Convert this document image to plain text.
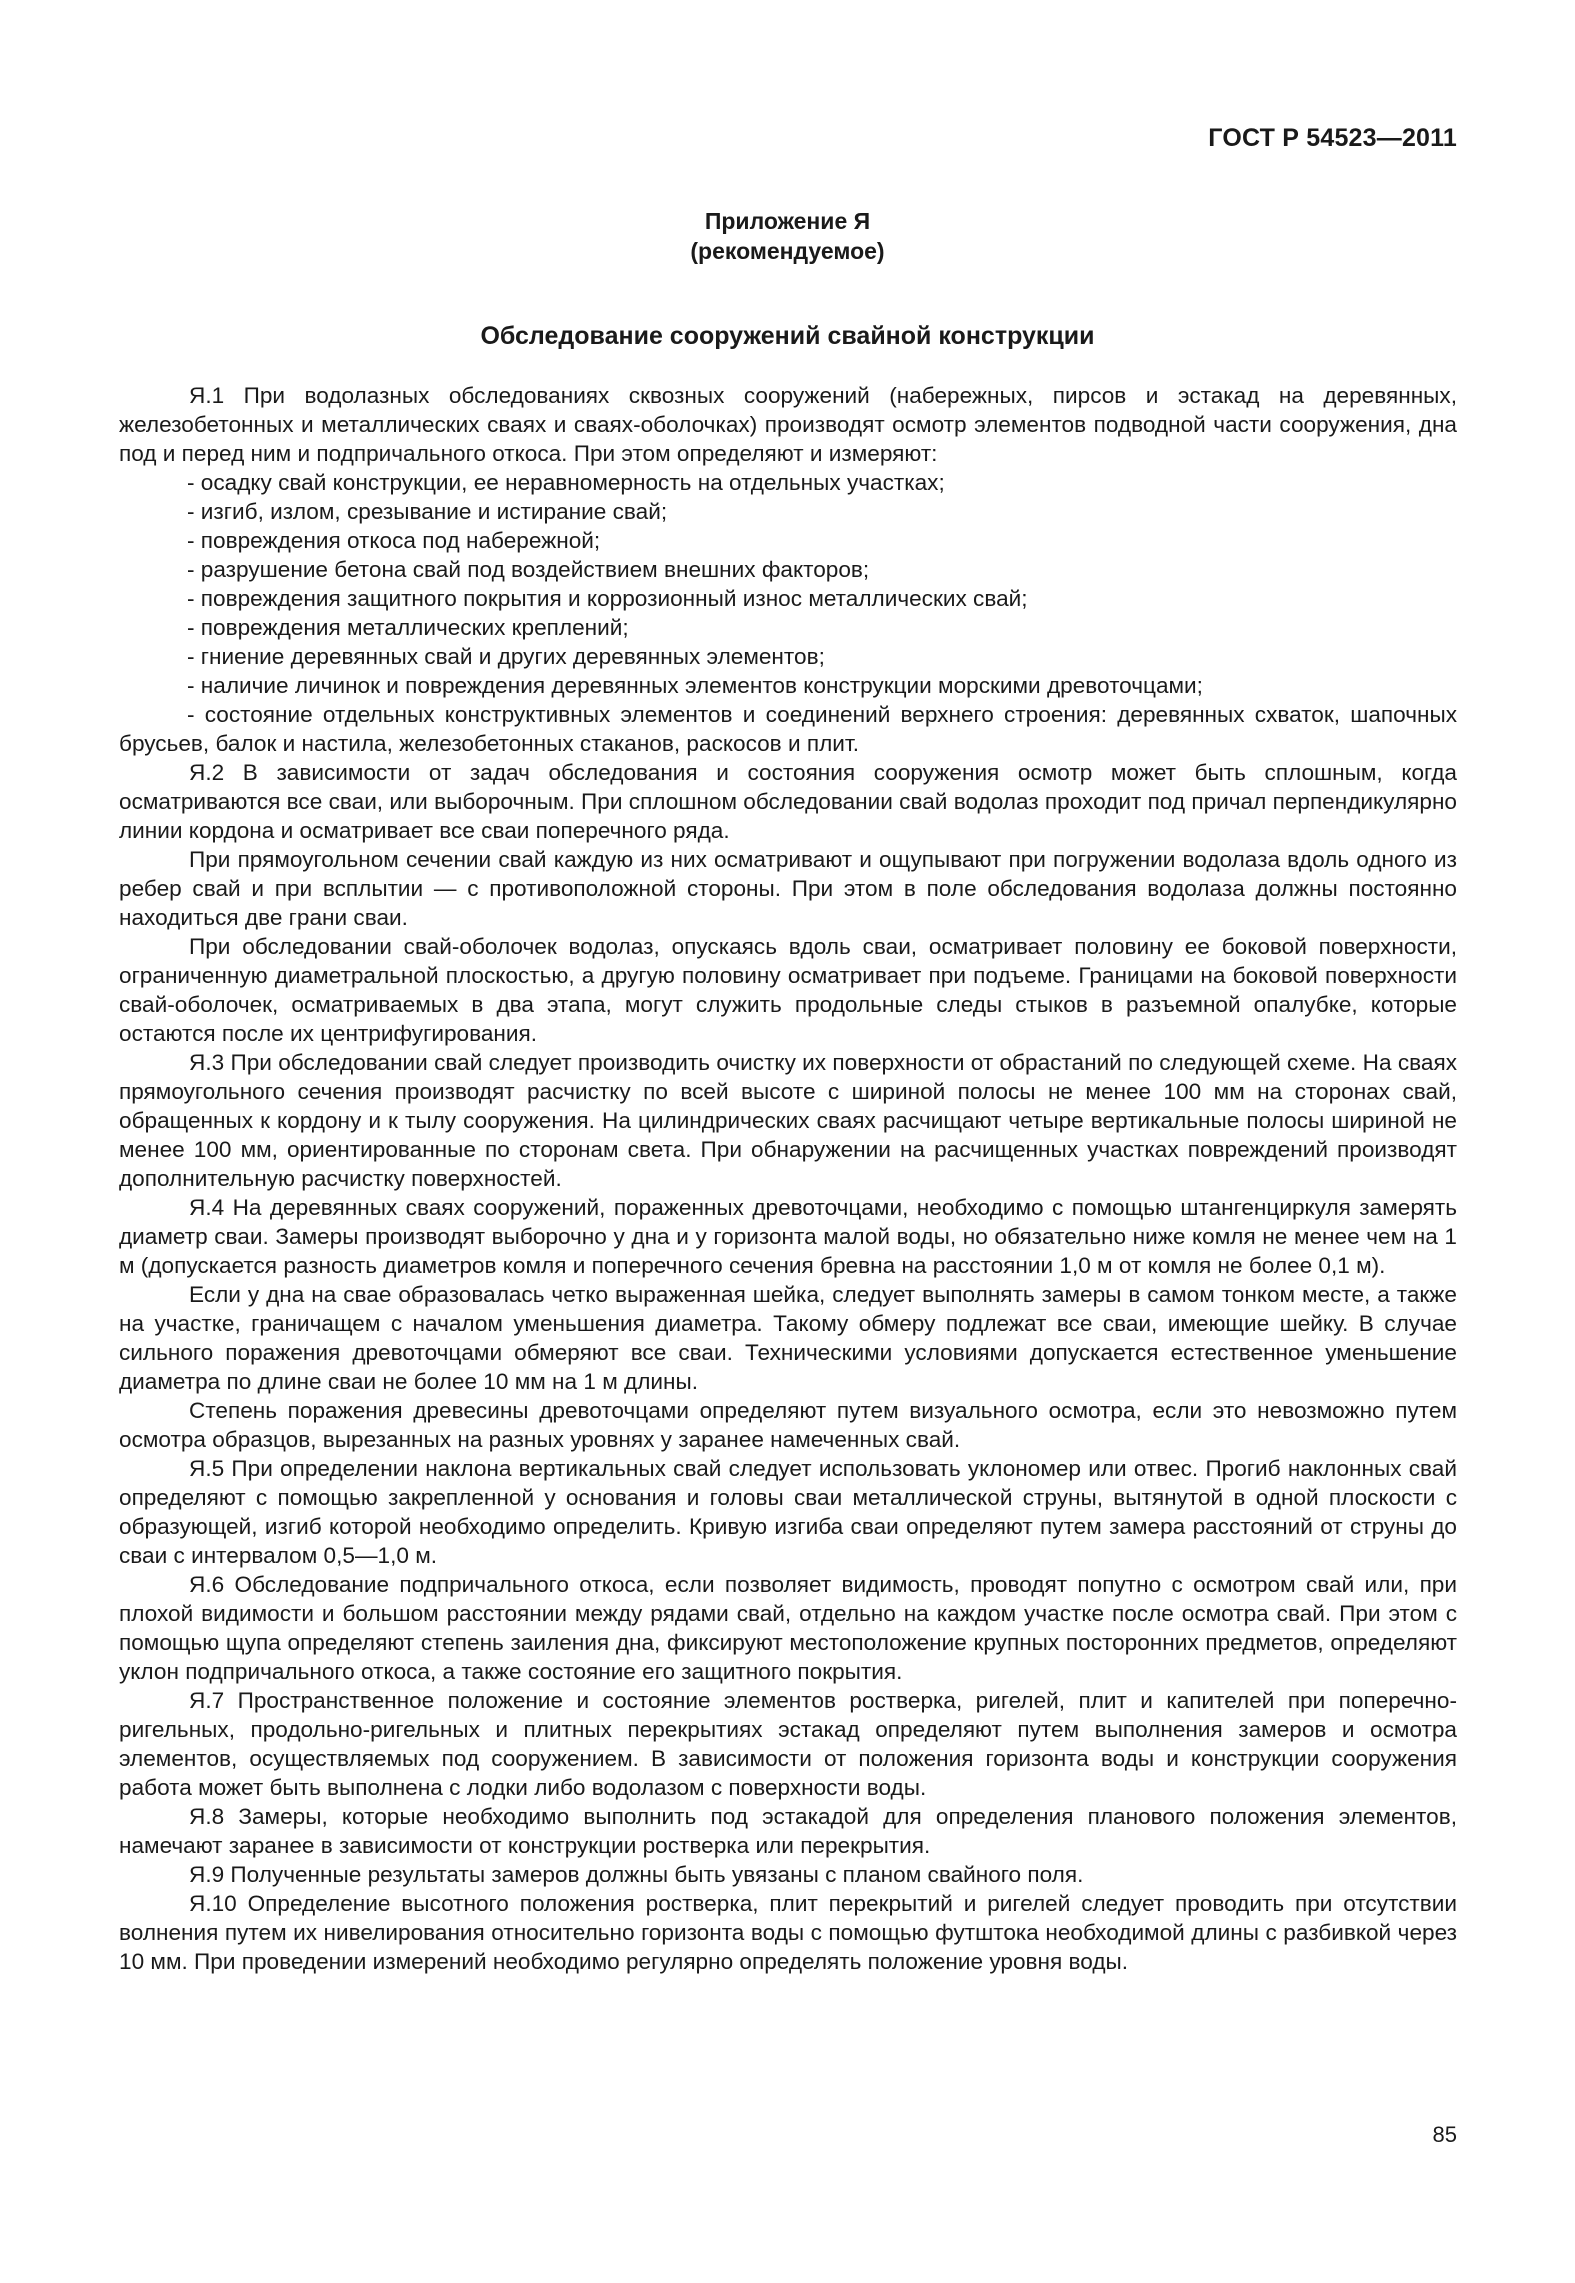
ГОСТ Р 54523—2011
Приложение Я
(рекомендуемое)
Обследование сооружений свайной конструкции

Я.1 При водолазных обследованиях сквозных сооружений (набережных, пирсов и эстакад на деревянных, железобетонных и металлических сваях и сваях-оболочках) производят осмотр элементов подводной части сооружения, дна под и перед ним и подпричального откоса. При этом определяют и измеряют:

- осадку свай конструкции, ее неравномерность на отдельных участках;

- изгиб, излом, срезывание и истирание свай;

- повреждения откоса под набережной;

- разрушение бетона свай под воздействием внешних факторов;

- повреждения защитного покрытия и коррозионный износ металлических свай;

- повреждения металлических креплений;

- гниение деревянных свай и других деревянных элементов;

- наличие личинок и повреждения деревянных элементов конструкции морскими древоточцами;

- состояние отдельных конструктивных элементов и соединений верхнего строения: деревянных схваток, шапочных брусьев, балок и настила, железобетонных стаканов, раскосов и плит.

Я.2 В зависимости от задач обследования и состояния сооружения осмотр может быть сплошным, когда осматриваются все сваи, или выборочным. При сплошном обследовании свай водолаз проходит под причал перпендикулярно линии кордона и осматривает все сваи поперечного ряда.

При прямоугольном сечении свай каждую из них осматривают и ощупывают при погружении водолаза вдоль одного из ребер свай и при всплытии — с противоположной стороны. При этом в поле обследования водолаза должны постоянно находиться две грани сваи.

При обследовании свай-оболочек водолаз, опускаясь вдоль сваи, осматривает половину ее боковой поверхности, ограниченную диаметральной плоскостью, а другую половину осматривает при подъеме. Границами на боковой поверхности свай-оболочек, осматриваемых в два этапа, могут служить продольные следы стыков в разъемной опалубке, которые остаются после их центрифугирования.

Я.3 При обследовании свай следует производить очистку их поверхности от обрастаний по следующей схеме. На сваях прямоугольного сечения производят расчистку по всей высоте с шириной полосы не менее 100 мм на сторонах свай, обращенных к кордону и к тылу сооружения. На цилиндрических сваях расчищают четыре вертикальные полосы шириной не менее 100 мм, ориентированные по сторонам света. При обнаружении на расчищенных участках повреждений производят дополнительную расчистку поверхностей.

Я.4 На деревянных сваях сооружений, пораженных древоточцами, необходимо с помощью штангенциркуля замерять диаметр сваи. Замеры производят выборочно у дна и у горизонта малой воды, но обязательно ниже комля не менее чем на 1 м (допускается разность диаметров комля и поперечного сечения бревна на расстоянии 1,0 м от комля не более 0,1 м).

Если у дна на свае образовалась четко выраженная шейка, следует выполнять замеры в самом тонком месте, а также на участке, граничащем с началом уменьшения диаметра. Такому обмеру подлежат все сваи, имеющие шейку. В случае сильного поражения древоточцами обмеряют все сваи. Техническими условиями допускается естественное уменьшение диаметра по длине сваи не более 10 мм на 1 м длины.

Степень поражения древесины древоточцами определяют путем визуального осмотра, если это невозможно путем осмотра образцов, вырезанных на разных уровнях у заранее намеченных свай.

Я.5 При определении наклона вертикальных свай следует использовать уклономер или отвес. Прогиб наклонных свай определяют с помощью закрепленной у основания и головы сваи металлической струны, вытянутой в одной плоскости с образующей, изгиб которой необходимо определить. Кривую изгиба сваи определяют путем замера расстояний от струны до сваи с интервалом 0,5—1,0 м.

Я.6 Обследование подпричального откоса, если позволяет видимость, проводят попутно с осмотром свай или, при плохой видимости и большом расстоянии между рядами свай, отдельно на каждом участке после осмотра свай. При этом с помощью щупа определяют степень заиления дна, фиксируют местоположение крупных посторонних предметов, определяют уклон подпричального откоса, а также состояние его защитного покрытия.

Я.7 Пространственное положение и состояние элементов ростверка, ригелей, плит и капителей при поперечно-ригельных, продольно-ригельных и плитных перекрытиях эстакад определяют путем выполнения замеров и осмотра элементов, осуществляемых под сооружением. В зависимости от положения горизонта воды и конструкции сооружения работа может быть выполнена с лодки либо водолазом с поверхности воды.

Я.8 Замеры, которые необходимо выполнить под эстакадой для определения планового положения элементов, намечают заранее в зависимости от конструкции ростверка или перекрытия.

Я.9 Полученные результаты замеров должны быть увязаны с планом свайного поля.

Я.10 Определение высотного положения ростверка, плит перекрытий и ригелей следует проводить при отсутствии волнения путем их нивелирования относительно горизонта воды с помощью футштока необходимой длины с разбивкой через 10 мм. При проведении измерений необходимо регулярно определять положение уровня воды.

85
